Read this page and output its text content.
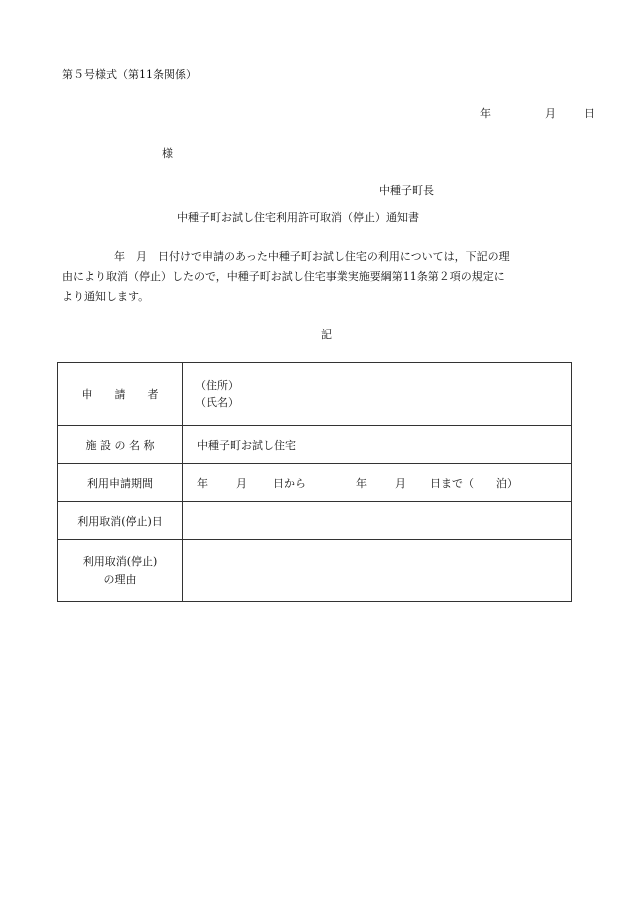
第５号様式（第11条関係）
年	月	日
様
中種子町長
中種子町お試し住宅利用許可取消（停止）通知書

年　月　日付けで申請のあった中種子町お試し住宅の利用については，下記の理

由により取消（停止）したので，中種子町お試し住宅事業実施要綱第11条第２項の規定に

より通知します。

記
申　　請　　者	（住所）
（氏名）

施 設 の 名 称	中種子町お試し住宅
利用申請期間	年 月 日から 年 月 日まで（ 泊）
利用取消(停止)日	

利用取消(停止)
の理由	
